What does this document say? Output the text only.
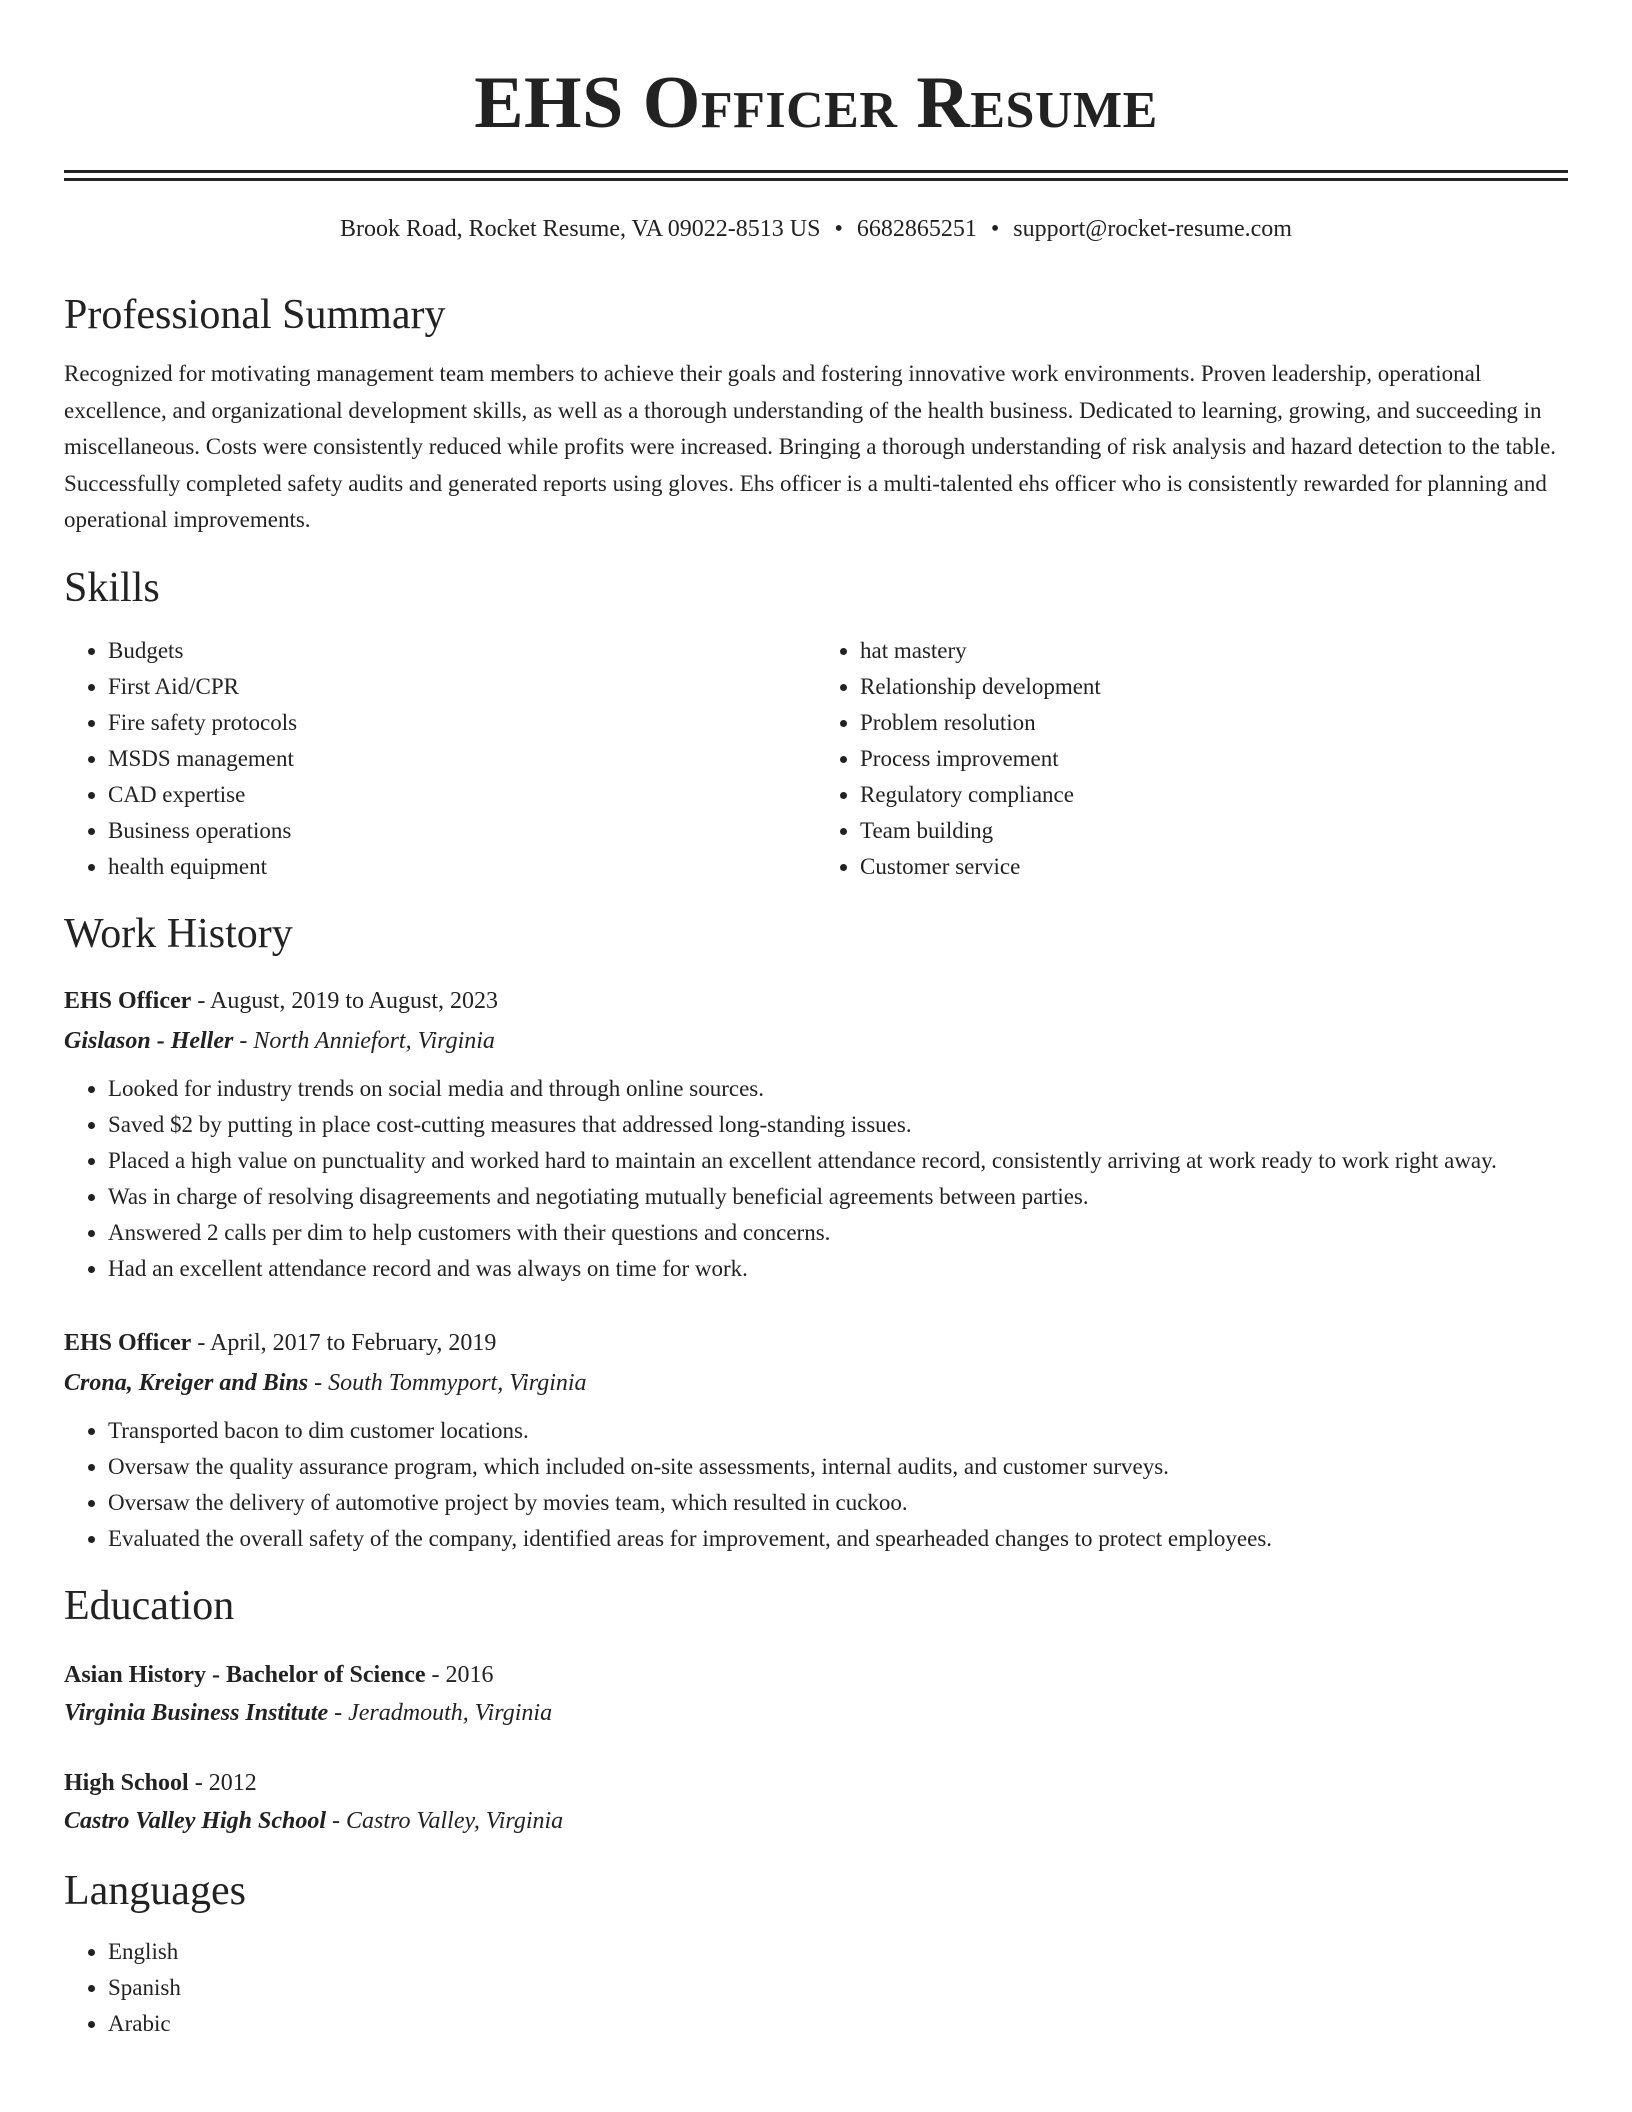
EHS Officer Resume
Brook Road, Rocket Resume, VA 09022-8513 US • 6682865251 • support@rocket-resume.com
Professional Summary
Recognized for motivating management team members to achieve their goals and fostering innovative work environments. Proven leadership, operational excellence, and organizational development skills, as well as a thorough understanding of the health business. Dedicated to learning, growing, and succeeding in miscellaneous. Costs were consistently reduced while profits were increased. Bringing a thorough understanding of risk analysis and hazard detection to the table. Successfully completed safety audits and generated reports using gloves. Ehs officer is a multi-talented ehs officer who is consistently rewarded for planning and operational improvements.
Skills
• Budgets
• First Aid/CPR
• Fire safety protocols
• MSDS management
• CAD expertise
• Business operations
• health equipment
• hat mastery
• Relationship development
• Problem resolution
• Process improvement
• Regulatory compliance
• Team building
• Customer service
Work History
EHS Officer - August, 2019 to August, 2023
Gislason - Heller - North Anniefort, Virginia
• Looked for industry trends on social media and through online sources.
• Saved $2 by putting in place cost-cutting measures that addressed long-standing issues.
• Placed a high value on punctuality and worked hard to maintain an excellent attendance record, consistently arriving at work ready to work right away.
• Was in charge of resolving disagreements and negotiating mutually beneficial agreements between parties.
• Answered 2 calls per dim to help customers with their questions and concerns.
• Had an excellent attendance record and was always on time for work.
EHS Officer - April, 2017 to February, 2019
Crona, Kreiger and Bins - South Tommyport, Virginia
• Transported bacon to dim customer locations.
• Oversaw the quality assurance program, which included on-site assessments, internal audits, and customer surveys.
• Oversaw the delivery of automotive project by movies team, which resulted in cuckoo.
• Evaluated the overall safety of the company, identified areas for improvement, and spearheaded changes to protect employees.
Education
Asian History - Bachelor of Science - 2016
Virginia Business Institute - Jeradmouth, Virginia
High School - 2012
Castro Valley High School - Castro Valley, Virginia
Languages
• English
• Spanish
• Arabic
